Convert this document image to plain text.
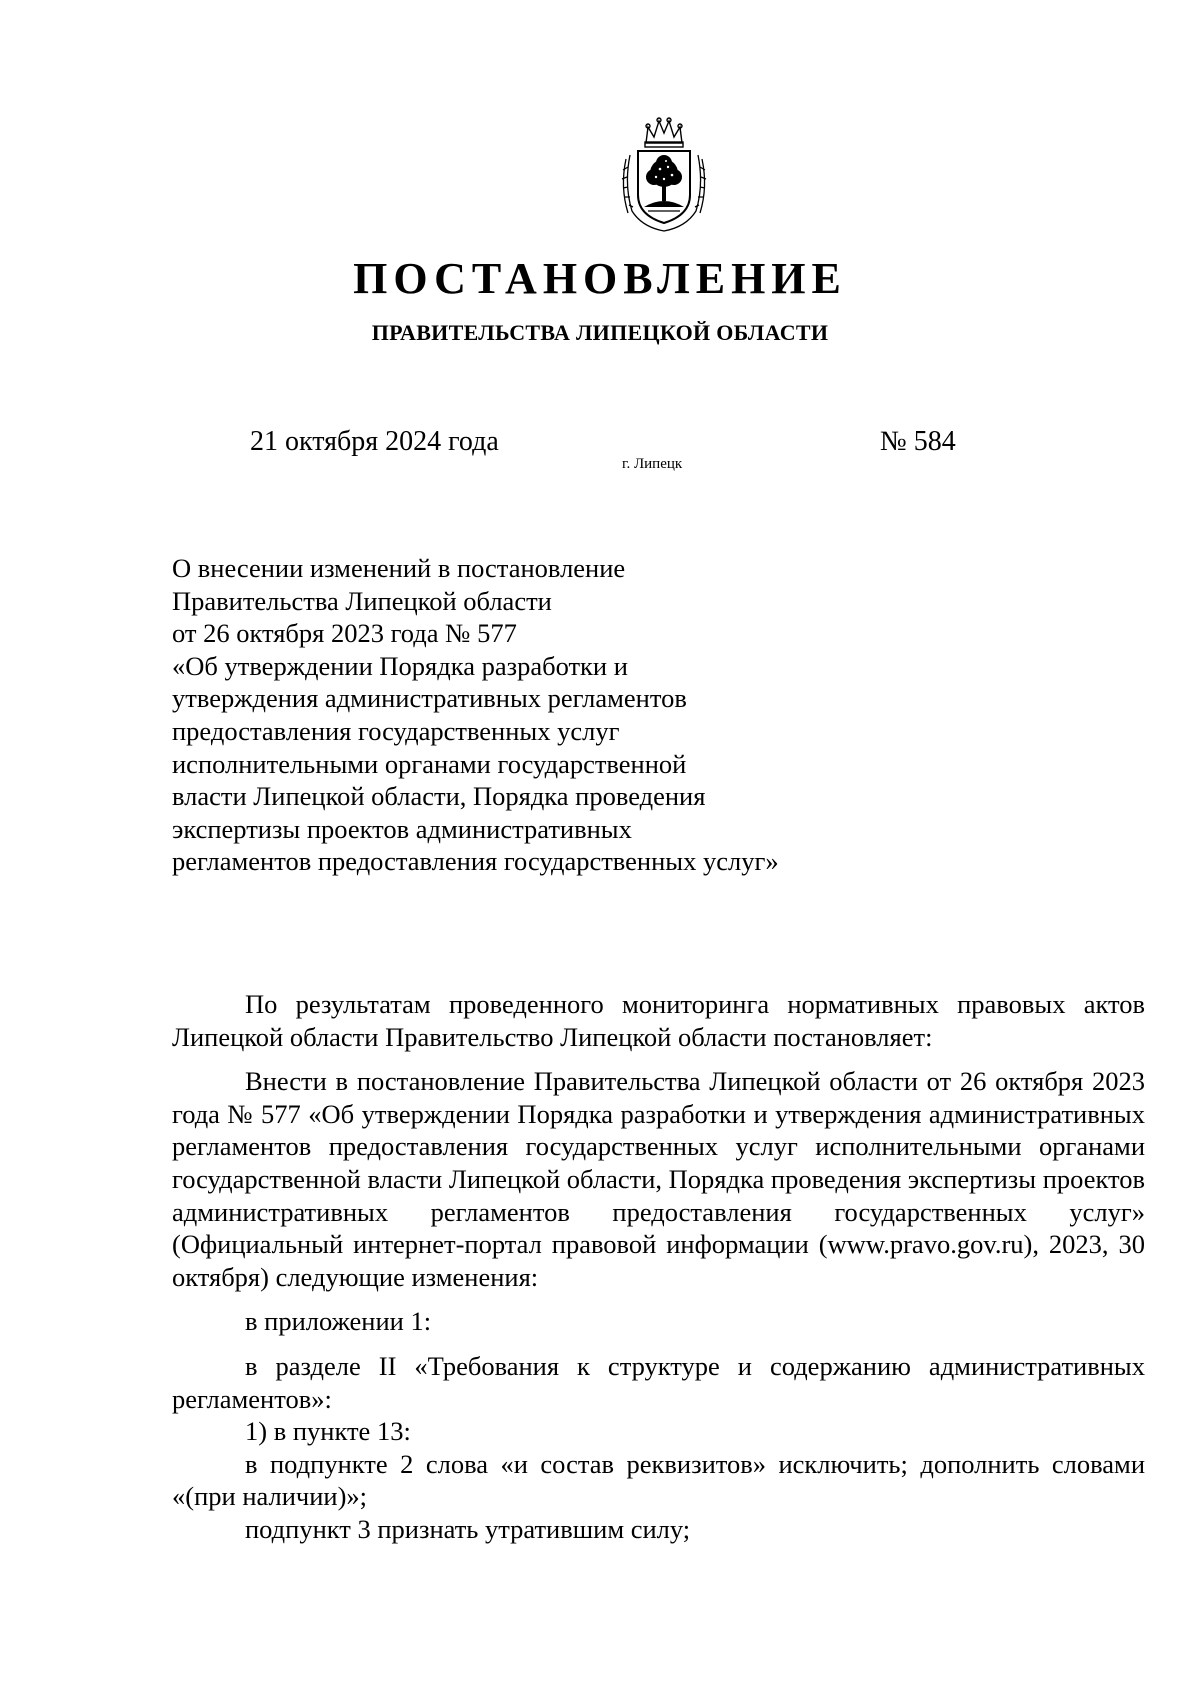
ПОСТАНОВЛЕНИЕ
ПРАВИТЕЛЬСТВА ЛИПЕЦКОЙ ОБЛАСТИ
21 октября 2024 года
г. Липецк
№ 584
О внесении изменений в постановление
Правительства Липецкой области
от 26 октября 2023 года № 577
«Об утверждении Порядка разработки и
утверждения административных регламентов
предоставления государственных услуг
исполнительными органами государственной
власти Липецкой области, Порядка проведения
экспертизы проектов административных
регламентов предоставления государственных услуг»

По результатам проведенного мониторинга нормативных правовых актов Липецкой области Правительство Липецкой области постановляет:

Внести в постановление Правительства Липецкой области от 26 октября 2023 года № 577 «Об утверждении Порядка разработки и утверждения административных регламентов предоставления государственных услуг исполнительными органами государственной власти Липецкой области, Порядка проведения экспертизы проектов административных регламентов предоставления государственных услуг» (Официальный интернет-портал правовой информации (www.pravo.gov.ru), 2023, 30 октября) следующие изменения:

в приложении 1:

в разделе II «Требования к структуре и содержанию административных регламентов»:

1) в пункте 13:

в подпункте 2 слова «и состав реквизитов» исключить; дополнить словами «(при наличии)»;

подпункт 3 признать утратившим силу;
